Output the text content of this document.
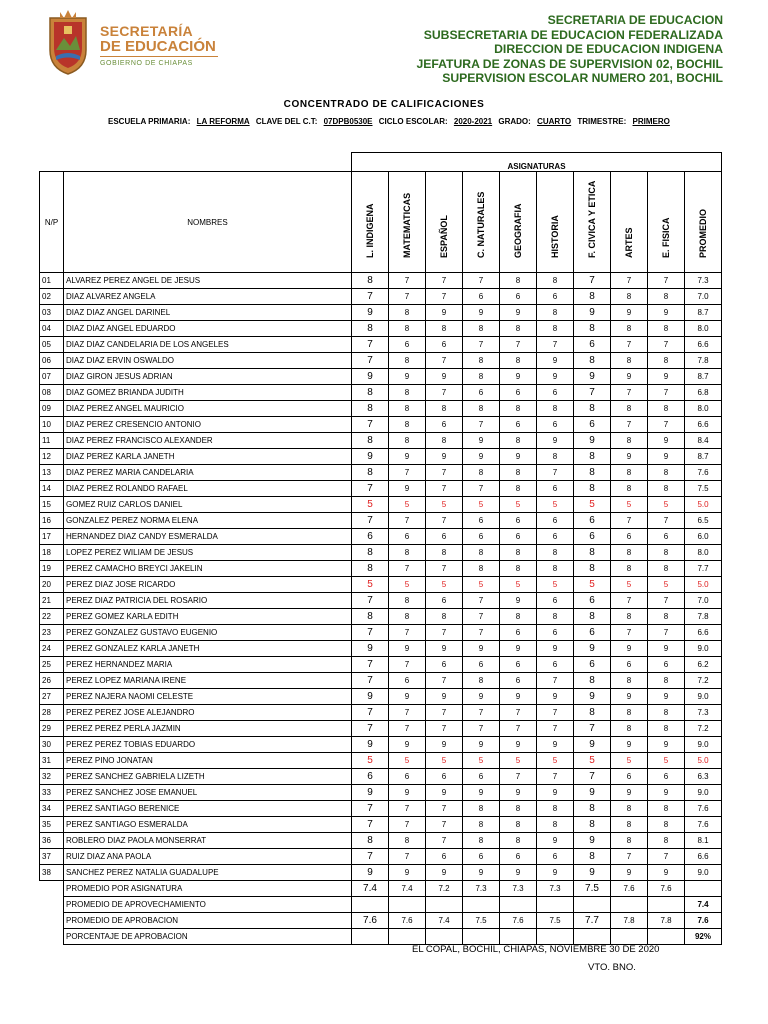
SECRETARÍA
DE EDUCACIÓN
GOBIERNO DE CHIAPAS
SECRETARIA DE EDUCACION
SUBSECRETARIA DE EDUCACION FEDERALIZADA
DIRECCION DE EDUCACION INDIGENA
JEFATURA DE ZONAS DE SUPERVISION 02, BOCHIL
SUPERVISION ESCOLAR NUMERO 201, BOCHIL
CONCENTRADO DE CALIFICACIONES
ESCUELA PRIMARIA: LA REFORMA CLAVE DEL C.T: 07DPB0530E CICLO ESCOLAR: 2020-2021 GRADO: CUARTO TRIMESTRE: PRIMERO
		ASIGNATURAS									
N/P	NOMBRES	L. INDIGENA	MATEMATICAS	ESPAÑOL	C. NATURALES	GEOGRAFIA	HISTORIA	F. CIVICA Y ETICA	ARTES	E. FISICA	PROMEDIO

01	ALVAREZ PEREZ ANGEL DE JESUS	8	7	7	7	8	8	7	7	7	7.3
02	DIAZ ALVAREZ ANGELA	7	7	7	6	6	6	8	8	8	7.0
03	DIAZ DIAZ ANGEL DARINEL	9	8	9	9	9	8	9	9	9	8.7
04	DIAZ DIAZ ANGEL EDUARDO	8	8	8	8	8	8	8	8	8	8.0
05	DIAZ DIAZ CANDELARIA DE LOS ANGELES	7	6	6	7	7	7	6	7	7	6.6
06	DIAZ DIAZ ERVIN OSWALDO	7	8	7	8	8	9	8	8	8	7.8
07	DIAZ GIRON JESUS ADRIAN	9	9	9	8	9	9	9	9	9	8.7
08	DIAZ GOMEZ BRIANDA JUDITH	8	8	7	6	6	6	7	7	7	6.8
09	DIAZ PEREZ ANGEL MAURICIO	8	8	8	8	8	8	8	8	8	8.0
10	DIAZ PEREZ CRESENCIO ANTONIO	7	8	6	7	6	6	6	7	7	6.6
11	DIAZ PEREZ FRANCISCO ALEXANDER	8	8	8	9	8	9	9	8	9	8.4
12	DIAZ PEREZ KARLA JANETH	9	9	9	9	9	8	8	9	9	8.7
13	DIAZ PEREZ MARIA CANDELARIA	8	7	7	8	8	7	8	8	8	7.6
14	DIAZ PEREZ ROLANDO RAFAEL	7	9	7	7	8	6	8	8	8	7.5
15	GOMEZ RUIZ CARLOS DANIEL	5	5	5	5	5	5	5	5	5	5.0
16	GONZALEZ PEREZ NORMA ELENA	7	7	7	6	6	6	6	7	7	6.5
17	HERNANDEZ DIAZ CANDY ESMERALDA	6	6	6	6	6	6	6	6	6	6.0
18	LOPEZ PEREZ WILIAM DE JESUS	8	8	8	8	8	8	8	8	8	8.0
19	PEREZ CAMACHO BREYCI JAKELIN	8	7	7	8	8	8	8	8	8	7.7
20	PEREZ DIAZ JOSE RICARDO	5	5	5	5	5	5	5	5	5	5.0
21	PEREZ DIAZ PATRICIA DEL ROSARIO	7	8	6	7	9	6	6	7	7	7.0
22	PEREZ GOMEZ KARLA EDITH	8	8	8	7	8	8	8	8	8	7.8
23	PEREZ GONZALEZ GUSTAVO EUGENIO	7	7	7	7	6	6	6	7	7	6.6
24	PEREZ GONZALEZ KARLA JANETH	9	9	9	9	9	9	9	9	9	9.0
25	PEREZ HERNANDEZ MARIA	7	7	6	6	6	6	6	6	6	6.2
26	PEREZ LOPEZ MARIANA IRENE	7	6	7	8	6	7	8	8	8	7.2
27	PEREZ NAJERA NAOMI CELESTE	9	9	9	9	9	9	9	9	9	9.0
28	PEREZ PEREZ JOSE ALEJANDRO	7	7	7	7	7	7	8	8	8	7.3
29	PEREZ PEREZ PERLA JAZMIN	7	7	7	7	7	7	7	8	8	7.2
30	PEREZ PEREZ TOBIAS EDUARDO	9	9	9	9	9	9	9	9	9	9.0
31	PEREZ PINO JONATAN	5	5	5	5	5	5	5	5	5	5.0
32	PEREZ SANCHEZ GABRIELA LIZETH	6	6	6	6	7	7	7	6	6	6.3
33	PEREZ SANCHEZ JOSE EMANUEL	9	9	9	9	9	9	9	9	9	9.0
34	PEREZ SANTIAGO BERENICE	7	7	7	8	8	8	8	8	8	7.6
35	PEREZ SANTIAGO ESMERALDA	7	7	7	8	8	8	8	8	8	7.6
36	ROBLERO DIAZ PAOLA MONSERRAT	8	8	7	8	8	9	9	8	8	8.1
37	RUIZ DIAZ ANA PAOLA	7	7	6	6	6	6	8	7	7	6.6
38	SANCHEZ PEREZ NATALIA GUADALUPE	9	9	9	9	9	9	9	9	9	9.0
	PROMEDIO POR ASIGNATURA	7.4	7.4	7.2	7.3	7.3	7.3	7.5	7.6	7.6	
	PROMEDIO DE APROVECHAMIENTO										7.4
	PROMEDIO DE APROBACION	7.6	7.6	7.4	7.5	7.6	7.5	7.7	7.8	7.8	7.6
	PORCENTAJE DE APROBACION										92%
EL COPAL, BOCHIL, CHIAPAS, NOVIEMBRE 30 DE 2020
VTO. BNO.
